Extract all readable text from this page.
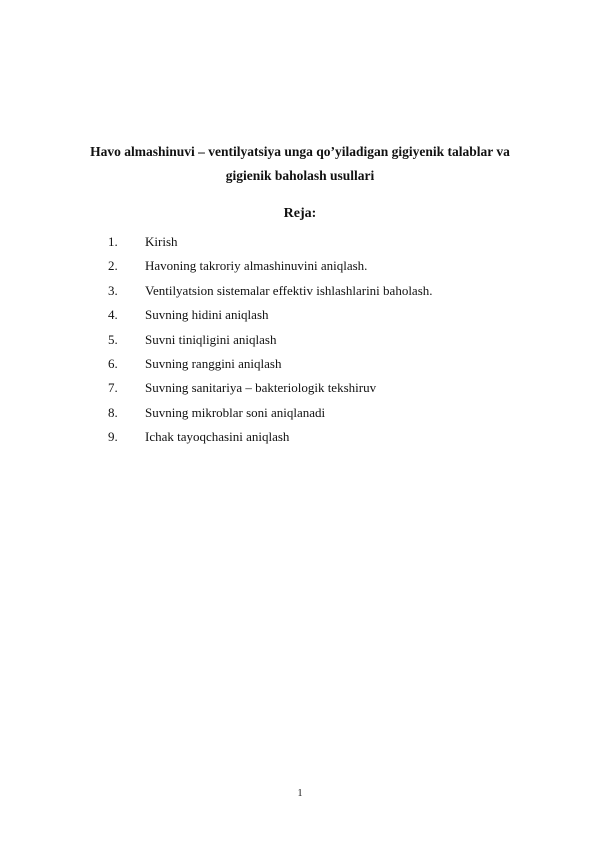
Havo almashinuvi – ventilyatsiya unga qo’yiladigan gigiyenik talablar va

gigienik baholash usullari

Reja:

1. Kirish
2. Havoning takroriy almashinuvini aniqlash.
3. Ventilyatsion sistemalar effektiv ishlashlarini baholash.
4. Suvning hidini aniqlash
5. Suvni tiniqligini aniqlash
6. Suvning ranggini aniqlash
7. Suvning sanitariya – bakteriologik tekshiruv
8. Suvning mikroblar soni aniqlanadi
9. Ichak tayoqchasini aniqlash
1
